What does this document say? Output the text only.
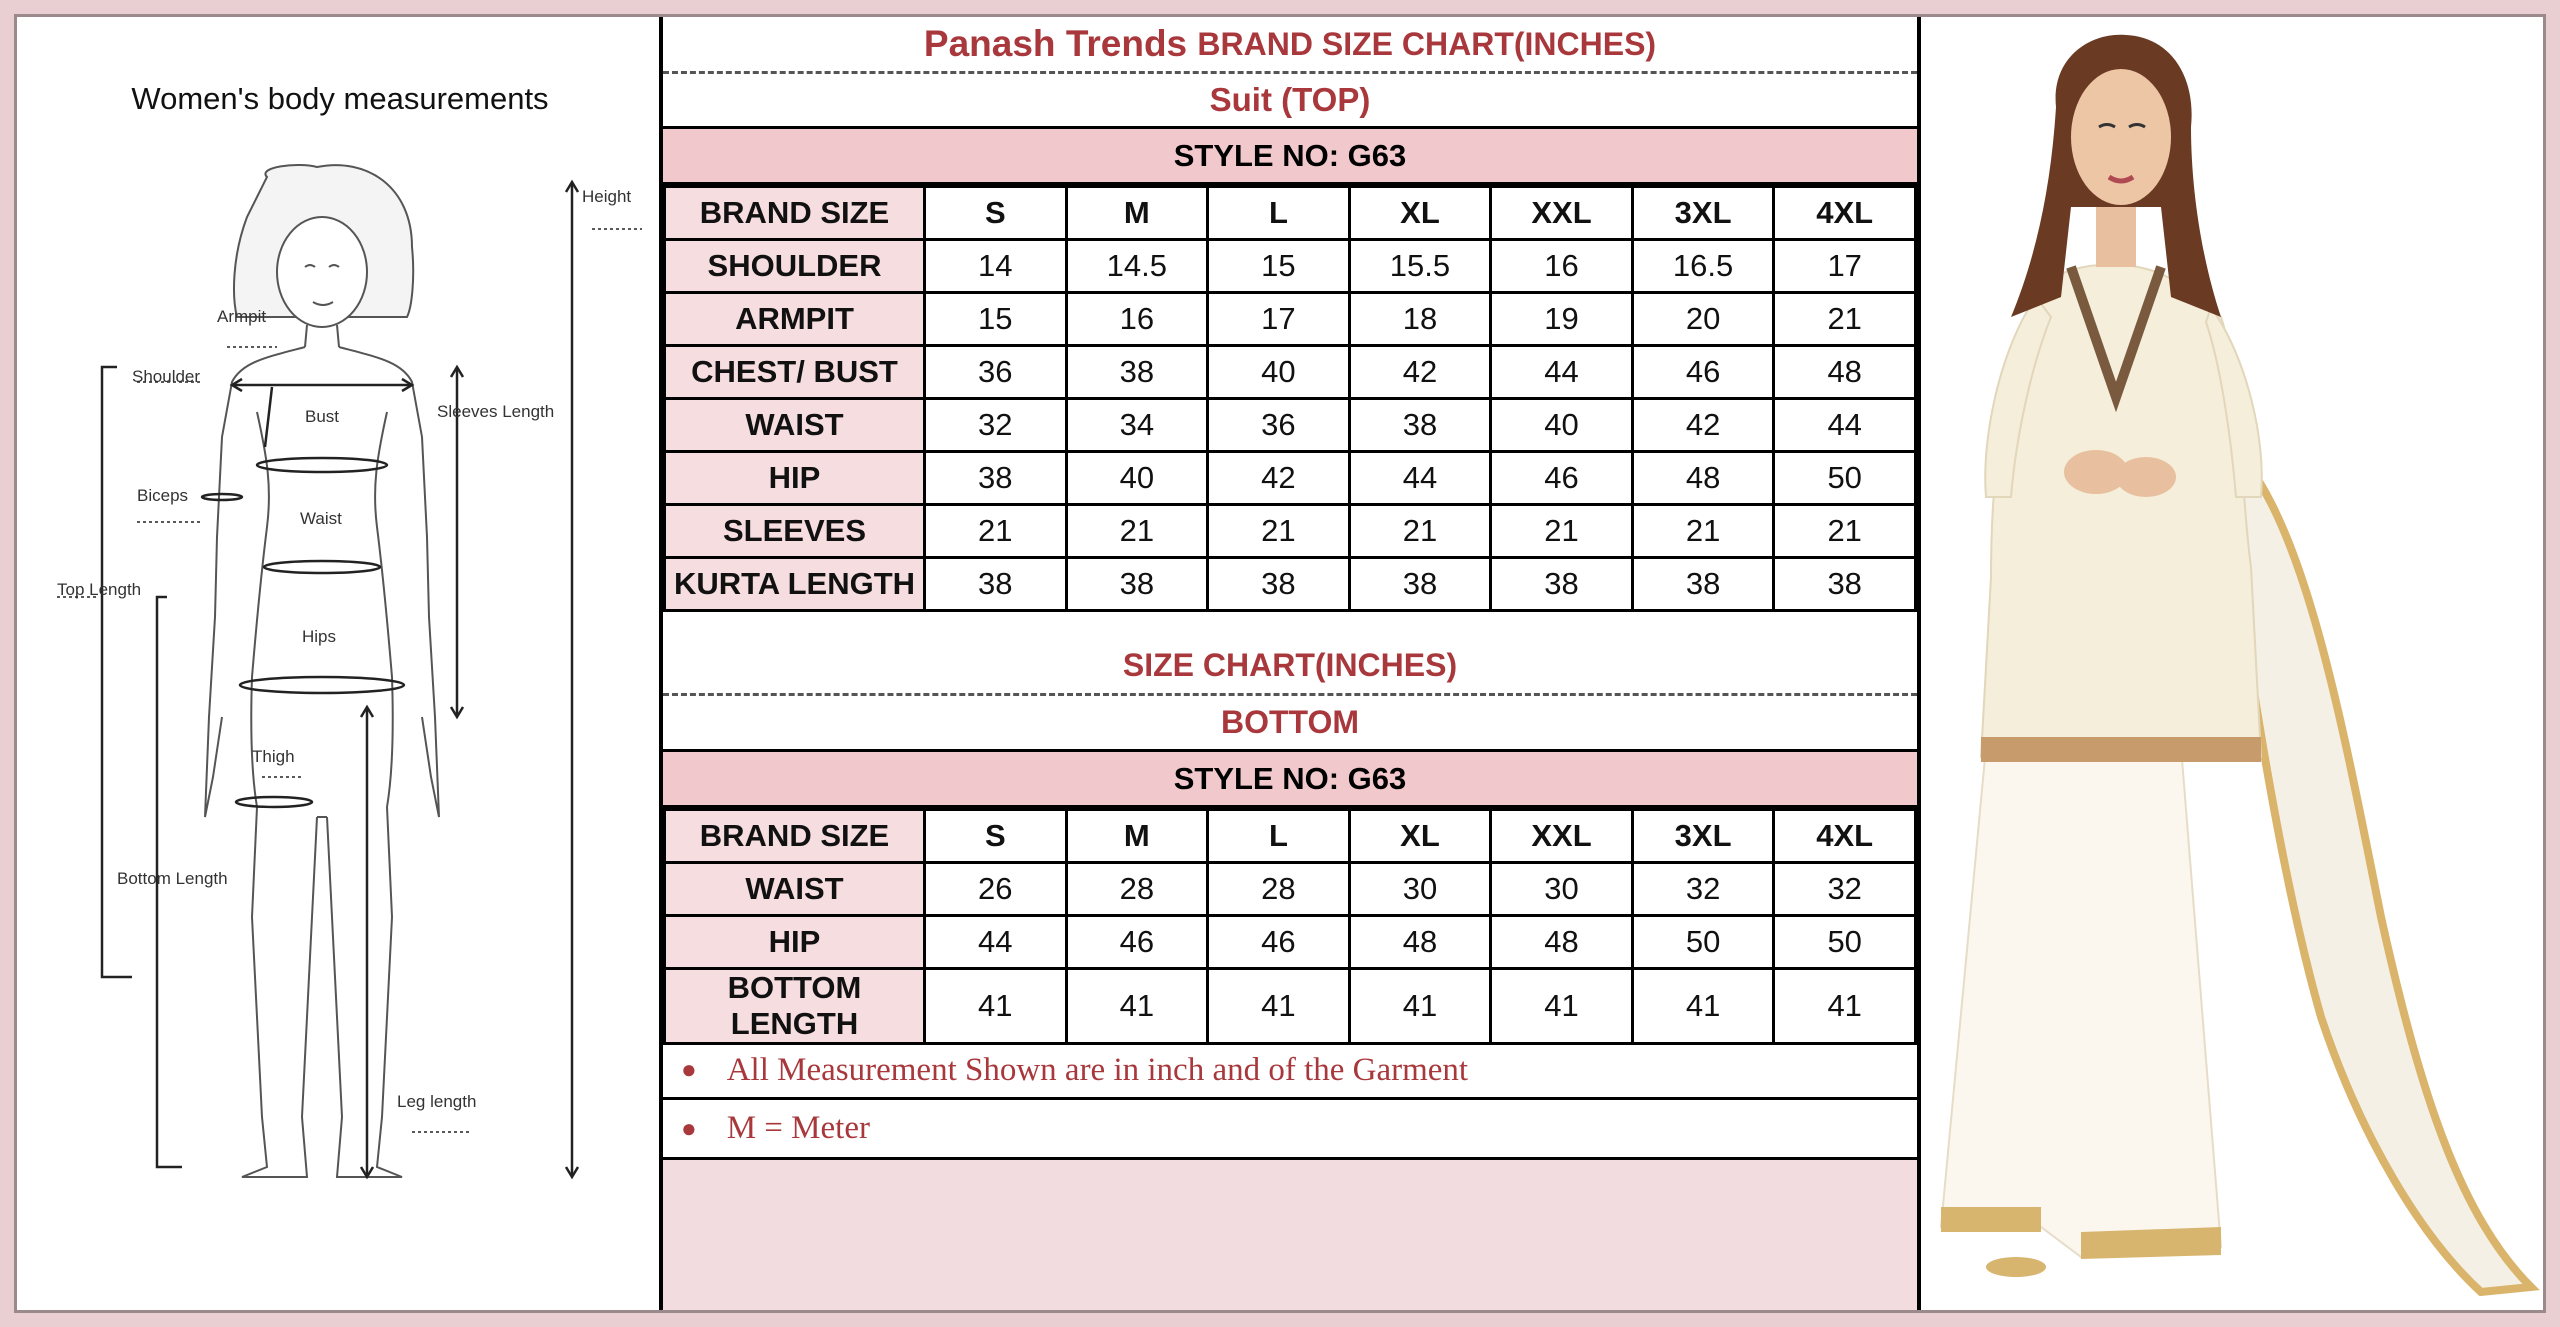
Women's body measurements
Height
Armpit
Shoulder
Bust	Sleeves Length
Biceps
Waist
Top Length
Hips
Thigh
Bottom Length
Leg length
Panash Trends
BRAND SIZE CHART(INCHES)
Suit (TOP)
STYLE NO:
G63
BRAND SIZE	S	M	L	XL	XXL	3XL	4XL
SHOULDER	14	14.5	15	15.5	16	16.5	17
ARMPIT	15	16	17	18	19	20	21
CHEST/ BUST	36	38	40	42	44	46	48
WAIST	32	34	36	38	40	42	44
HIP	38	40	42	44	46	48	50
SLEEVES	21	21	21	21	21	21	21
KURTA LENGTH	38	38	38	38	38	38	38
SIZE CHART(INCHES)
BOTTOM
STYLE NO:
G63
BRAND SIZE	S	M	L	XL	XXL	3XL	4XL
WAIST	26	28	28	30	30	32	32
HIP	44	46	46	48	48	50	50
BOTTOM LENGTH	41	41	41	41	41	41	41
● All Measurement Shown are in inch and of the Garment
● M = Meter
